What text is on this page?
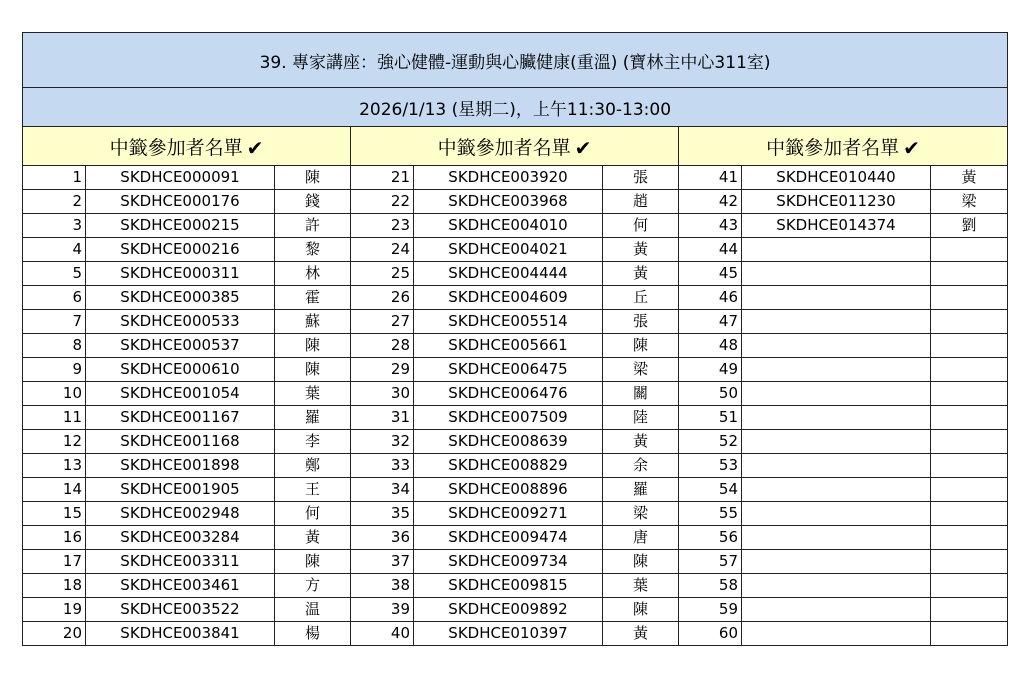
39. 專家講座：強心健體-運動與心臟健康(重溫) (寶林主中心311室)								
2026/1/13 (星期二)，上午11:30-13:00								
中籤參加者名單 ✔			中籤參加者名單 ✔			中籤參加者名單 ✔		
1	SKDHCE000091	陳	21	SKDHCE003920	張	41	SKDHCE010440	黃
2	SKDHCE000176	錢	22	SKDHCE003968	趙	42	SKDHCE011230	梁
3	SKDHCE000215	許	23	SKDHCE004010	何	43	SKDHCE014374	劉
4	SKDHCE000216	黎	24	SKDHCE004021	黃	44		
5	SKDHCE000311	林	25	SKDHCE004444	黃	45		
6	SKDHCE000385	霍	26	SKDHCE004609	丘	46		
7	SKDHCE000533	蘇	27	SKDHCE005514	張	47		
8	SKDHCE000537	陳	28	SKDHCE005661	陳	48		
9	SKDHCE000610	陳	29	SKDHCE006475	梁	49		
10	SKDHCE001054	葉	30	SKDHCE006476	關	50		
11	SKDHCE001167	羅	31	SKDHCE007509	陸	51		
12	SKDHCE001168	李	32	SKDHCE008639	黃	52		
13	SKDHCE001898	鄭	33	SKDHCE008829	余	53		
14	SKDHCE001905	王	34	SKDHCE008896	羅	54		
15	SKDHCE002948	何	35	SKDHCE009271	梁	55		
16	SKDHCE003284	黃	36	SKDHCE009474	唐	56		
17	SKDHCE003311	陳	37	SKDHCE009734	陳	57		
18	SKDHCE003461	方	38	SKDHCE009815	葉	58		
19	SKDHCE003522	温	39	SKDHCE009892	陳	59		
20	SKDHCE003841	楊	40	SKDHCE010397	黃	60		
